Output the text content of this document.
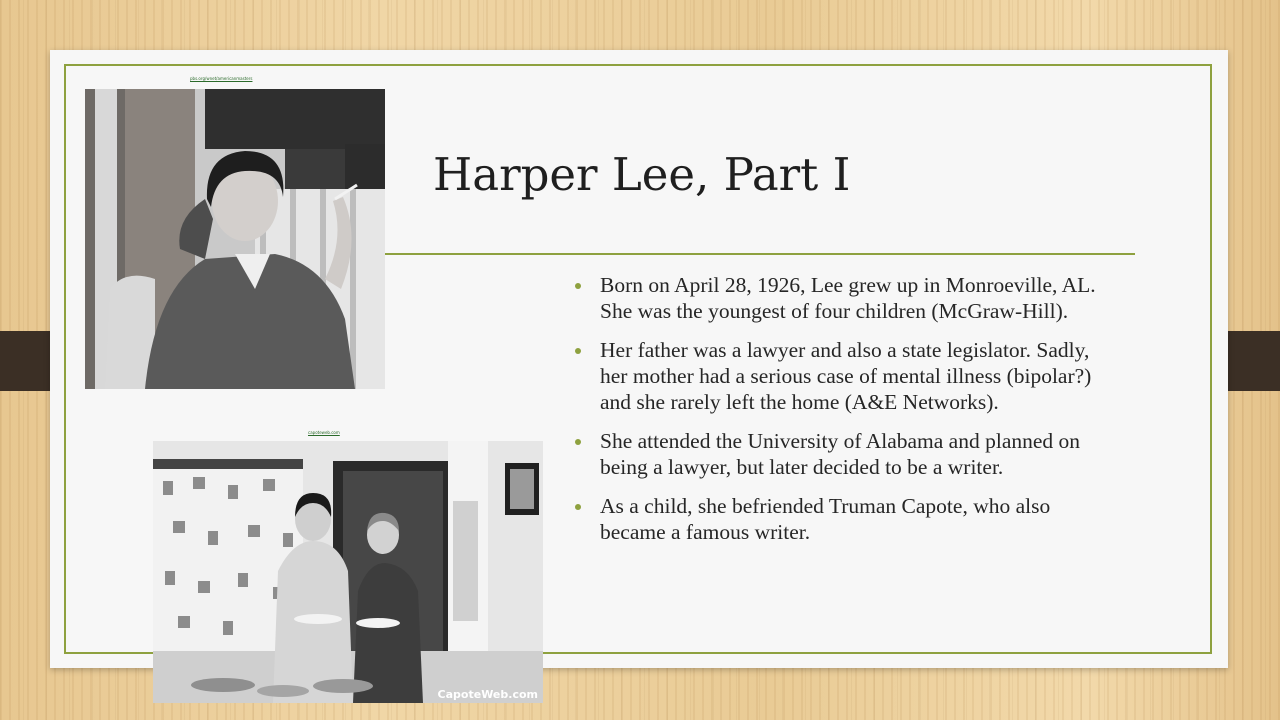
pbs.org/wnet/americanmasters
Harper Lee, Part I
capoteweb.com
CapoteWeb.com
Born on April 28, 1926, Lee grew up in Monroeville, AL. She was the youngest of four children (McGraw-Hill).
Her father was a lawyer and also a state legislator. Sadly, her mother had a serious case of mental illness (bipolar?) and she rarely left the home (A&E Networks).
She attended the University of Alabama and planned on being a lawyer, but later decided to be a writer.
As a child, she befriended Truman Capote, who also became a famous writer.
